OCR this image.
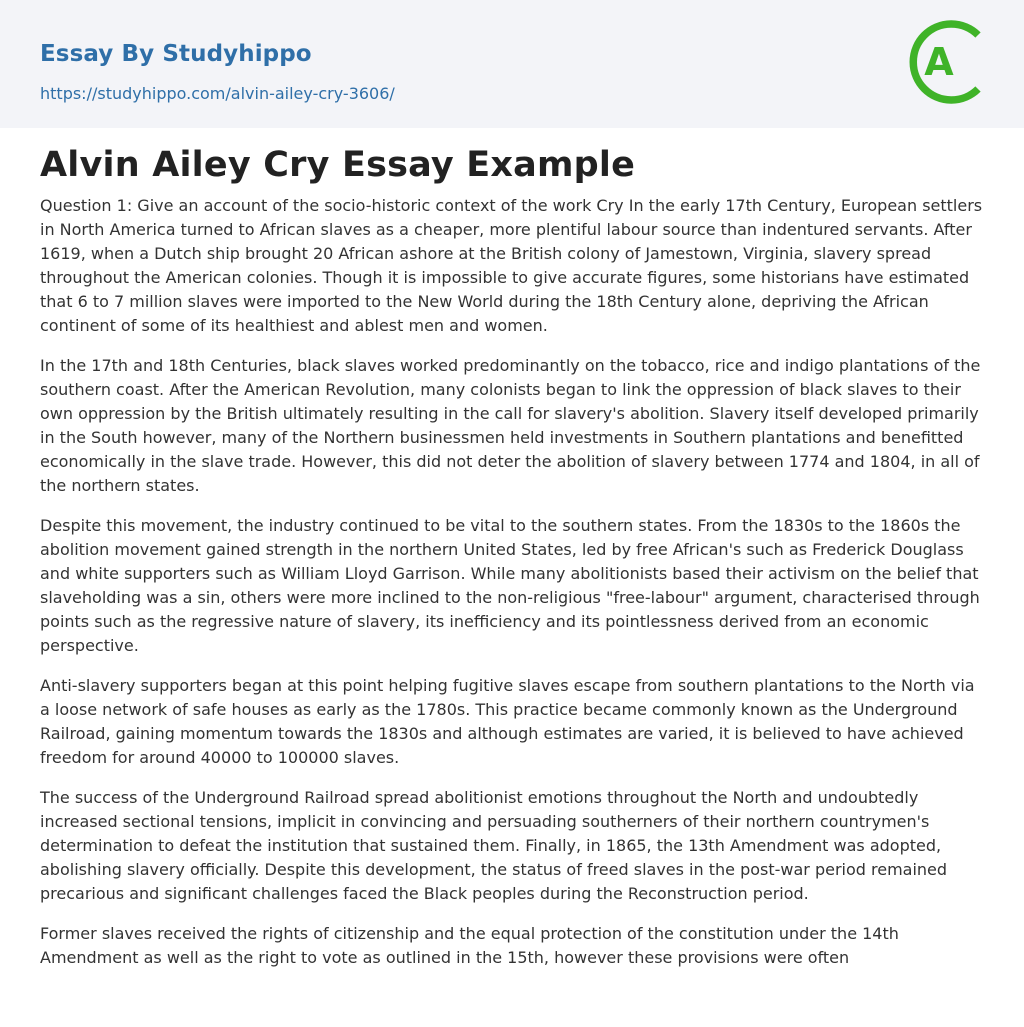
Essay By Studyhippo
https://studyhippo.com/alvin-ailey-cry-3606/
A
Alvin Ailey Cry Essay Example

Question 1: Give an account of the socio-historic context of the work Cry In the early 17th Century, European settlers in North America turned to African slaves as a cheaper, more plentiful labour source than indentured servants. After 1619, when a Dutch ship brought 20 African ashore at the British colony of Jamestown, Virginia, slavery spread throughout the American colonies. Though it is impossible to give accurate figures, some historians have estimated that 6 to 7 million slaves were imported to the New World during the 18th Century alone, depriving the African continent of some of its healthiest and ablest men and women.

In the 17th and 18th Centuries, black slaves worked predominantly on the tobacco, rice and indigo plantations of the southern coast. After the American Revolution, many colonists began to link the oppression of black slaves to their own oppression by the British ultimately resulting in the call for slavery's abolition. Slavery itself developed primarily in the South however, many of the Northern businessmen held investments in Southern plantations and benefitted economically in the slave trade. However, this did not deter the abolition of slavery between 1774 and 1804, in all of the northern states.

Despite this movement, the industry continued to be vital to the southern states. From the 1830s to the 1860s the abolition movement gained strength in the northern United States, led by free African's such as Frederick Douglass and white supporters such as William Lloyd Garrison. While many abolitionists based their activism on the belief that slaveholding was a sin, others were more inclined to the non-religious "free-labour" argument, characterised through points such as the regressive nature of slavery, its inefficiency and its pointlessness derived from an economic perspective.

Anti-slavery supporters began at this point helping fugitive slaves escape from southern plantations to the North via a loose network of safe houses as early as the 1780s. This practice became commonly known as the Underground Railroad, gaining momentum towards the 1830s and although estimates are varied, it is believed to have achieved freedom for around 40000 to 100000 slaves.

The success of the Underground Railroad spread abolitionist emotions throughout the North and undoubtedly increased sectional tensions, implicit in convincing and persuading southerners of their northern countrymen's determination to defeat the institution that sustained them. Finally, in 1865, the 13th Amendment was adopted, abolishing slavery officially. Despite this development, the status of freed slaves in the post-war period remained precarious and significant challenges faced the Black peoples during the Reconstruction period.

Former slaves received the rights of citizenship and the equal protection of the constitution under the 14th Amendment as well as the right to vote as outlined in the 15th, however these provisions were often
